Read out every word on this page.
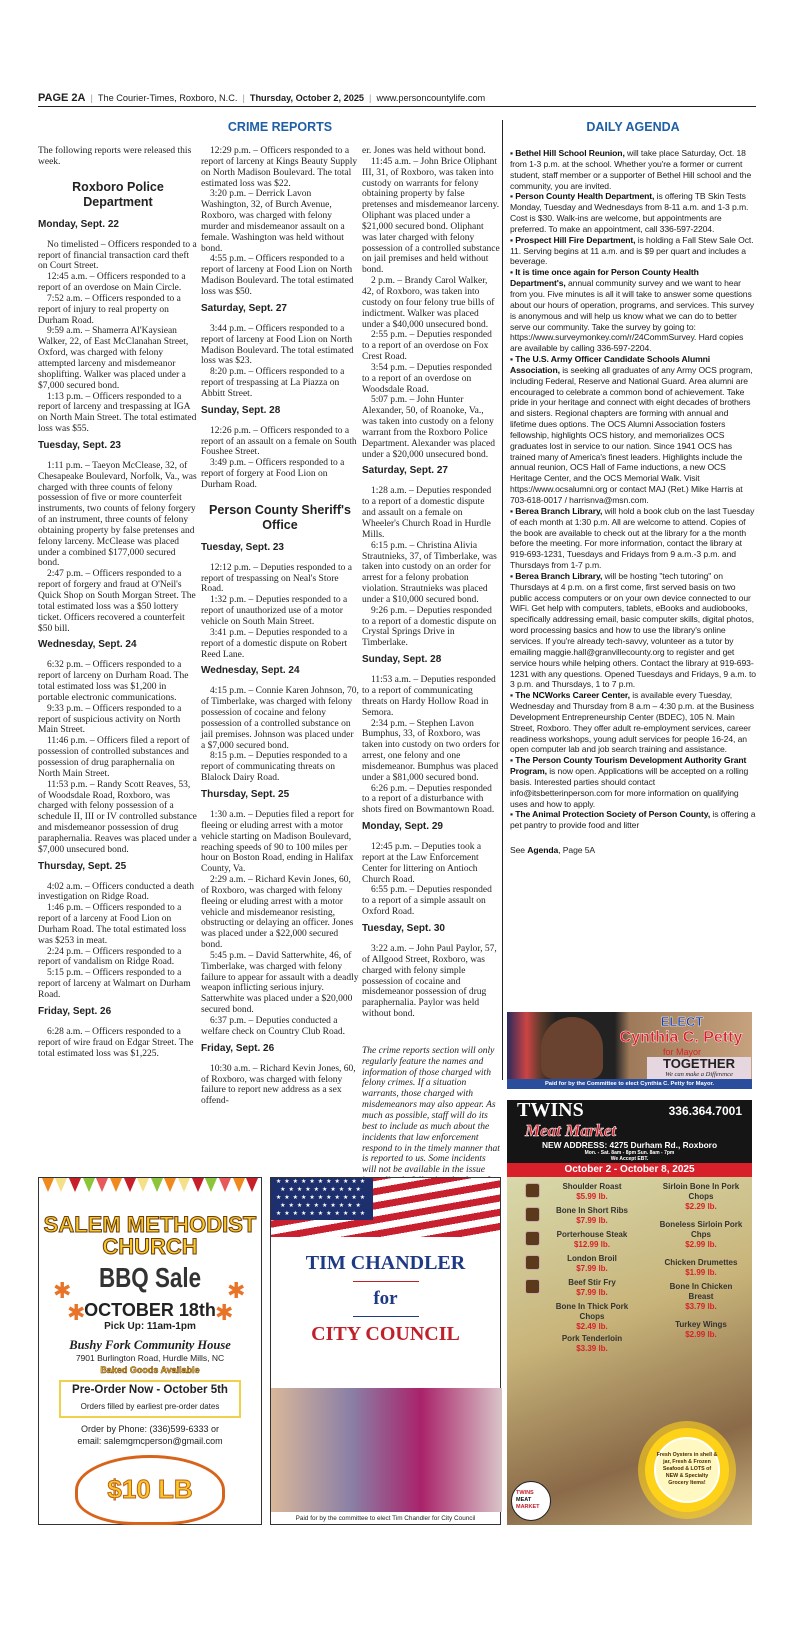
PAGE 2A | The Courier-Times, Roxboro, N.C. | Thursday, October 2, 2025 | www.personcountylife.com
CRIME REPORTS	DAILY AGENDA

The following reports were released this week.

Roxboro Police Department
Monday, Sept. 22

No timelisted – Officers responded to a report of financial transaction card theft on Court Street.

12:45 a.m. – Officers responded to a report of an overdose on Main Circle.

7:52 a.m. – Officers responded to a report of injury to real property on Durham Road.

9:59 a.m. – Shamerra Al'Kaysiean Walker, 22, of East McClanahan Street, Oxford, was charged with felony attempted larceny and misdemeanor shoplifting. Walker was placed under a $7,000 secured bond.

1:13 p.m. – Officers responded to a report of larceny and trespassing at IGA on North Main Street. The total estimated loss was $55.

Tuesday, Sept. 23

1:11 p.m. – Taeyon McClease, 32, of Chesapeake Boulevard, Norfolk, Va., was charged with three counts of felony possession of five or more counterfeit instruments, two counts of felony forgery of an instrument, three counts of felony obtaining property by false pretenses and felony larceny. McClease was placed under a combined $177,000 secured bond.

2:47 p.m. – Officers responded to a report of forgery and fraud at O'Neil's Quick Shop on South Morgan Street. The total estimated loss was a $50 lottery ticket. Officers recovered a counterfeit $50 bill.

Wednesday, Sept. 24

6:32 p.m. – Officers responded to a report of larceny on Durham Road. The total estimated loss was $1,200 in portable electronic communications.

9:33 p.m. – Officers responded to a report of suspicious activity on North Main Street.

11:46 p.m. – Officers filed a report of possession of controlled substances and possession of drug paraphernalia on North Main Street.

11:53 p.m. – Randy Scott Reaves, 53, of Woodsdale Road, Roxboro, was charged with felony possession of a schedule II, III or IV controlled substance and misdemeanor possession of drug paraphernalia. Reaves was placed under a $7,000 unsecured bond.

Thursday, Sept. 25

4:02 a.m. – Officers conducted a death investigation on Ridge Road.

1:46 p.m. – Officers responded to a report of a larceny at Food Lion on Durham Road. The total estimated loss was $253 in meat.

2:24 p.m. – Officers responded to a report of vandalism on Ridge Road.

5:15 p.m. – Officers responded to a report of larceny at Walmart on Durham Road.

Friday, Sept. 26

6:28 a.m. – Officers responded to a report of wire fraud on Edgar Street. The total estimated loss was $1,225.

12:29 p.m. – Officers responded to a report of larceny at Kings Beauty Supply on North Madison Boulevard. The total estimated loss was $22.

3:20 p.m. – Derrick Lavon Washington, 32, of Burch Avenue, Roxboro, was charged with felony murder and misdemeanor assault on a female. Washington was held without bond.

4:55 p.m. – Officers responded to a report of larceny at Food Lion on North Madison Boulevard. The total estimated loss was $50.

Saturday, Sept. 27

3:44 p.m. – Officers responded to a report of larceny at Food Lion on North Madison Boulevard. The total estimated loss was $23.

8:20 p.m. – Officers responded to a report of trespassing at La Piazza on Abbitt Street.

Sunday, Sept. 28

12:26 p.m. – Officers responded to a report of an assault on a female on South Foushee Street.

3:49 p.m. – Officers responded to a report of forgery at Food Lion on Durham Road.

Person County Sheriff's Office
Tuesday, Sept. 23

12:12 p.m. – Deputies responded to a report of trespassing on Neal's Store Road.

1:32 p.m. – Deputies responded to a report of unauthorized use of a motor vehicle on South Main Street.

3:41 p.m. – Deputies responded to a report of a domestic dispute on Robert Reed Lane.

Wednesday, Sept. 24

4:15 p.m. – Connie Karen Johnson, 70, of Timberlake, was charged with felony possession of cocaine and felony possession of a controlled substance on jail premises. Johnson was placed under a $7,000 secured bond.

8:15 p.m. – Deputies responded to a report of communicating threats on Blalock Dairy Road.

Thursday, Sept. 25

1:30 a.m. – Deputies filed a report for fleeing or eluding arrest with a motor vehicle starting on Madison Boulevard, reaching speeds of 90 to 100 miles per hour on Boston Road, ending in Halifax County, Va.

2:29 a.m. – Richard Kevin Jones, 60, of Roxboro, was charged with felony fleeing or eluding arrest with a motor vehicle and misdemeanor resisting, obstructing or delaying an officer. Jones was placed under a $22,000 secured bond.

5:45 p.m. – David Satterwhite, 46, of Timberlake, was charged with felony failure to appear for assault with a deadly weapon inflicting serious injury. Satterwhite was placed under a $20,000 secured bond.

6:37 p.m. – Deputies conducted a welfare check on Country Club Road.

Friday, Sept. 26

10:30 a.m. – Richard Kevin Jones, 60, of Roxboro, was charged with felony failure to report new address as a sex offend-

er. Jones was held without bond.

11:45 a.m. – John Brice Oliphant III, 31, of Roxboro, was taken into custody on warrants for felony obtaining property by false pretenses and misdemeanor larceny. Oliphant was placed under a $21,000 secured bond. Oliphant was later charged with felony possession of a controlled substance on jail premises and held without bond.

2 p.m. – Brandy Carol Walker, 42, of Roxboro, was taken into custody on four felony true bills of indictment. Walker was placed under a $40,000 unsecured bond.

2:55 p.m. – Deputies responded to a report of an overdose on Fox Crest Road.

3:54 p.m. – Deputies responded to a report of an overdose on Woodsdale Road.

5:07 p.m. – John Hunter Alexander, 50, of Roanoke, Va., was taken into custody on a felony warrant from the Roxboro Police Department. Alexander was placed under a $20,000 unsecured bond.

Saturday, Sept. 27

1:28 a.m. – Deputies responded to a report of a domestic dispute and assault on a female on Wheeler's Church Road in Hurdle Mills.

6:15 p.m. – Christina Alivia Strautnieks, 37, of Timberlake, was taken into custody on an order for arrest for a felony probation violation. Strautnieks was placed under a $10,000 secured bond.

9:26 p.m. – Deputies responded to a report of a domestic dispute on Crystal Springs Drive in Timberlake.

Sunday, Sept. 28

11:53 a.m. – Deputies responded to a report of communicating threats on Hardy Hollow Road in Semora.

2:34 p.m. – Stephen Lavon Bumphus, 33, of Roxboro, was taken into custody on two orders for arrest, one felony and one misdemeanor. Bumphus was placed under a $81,000 secured bond.

6:26 p.m. – Deputies responded to a report of a disturbance with shots fired on Bowmantown Road.

Monday, Sept. 29

12:45 p.m. – Deputies took a report at the Law Enforcement Center for littering on Antioch Church Road.

6:55 p.m. – Deputies responded to a report of a simple assault on Oxford Road.

Tuesday, Sept. 30

3:22 a.m. – John Paul Paylor, 57, of Allgood Street, Roxboro, was charged with felony simple possession of cocaine and misdemeanor possession of drug paraphernalia. Paylor was held without bond.

The crime reports section will only regularly feature the names and information of those charged with felony crimes. If a situation warrants, those charged with misdemeanors may also appear. As much as possible, staff will do its best to include as much about the incidents that law enforcement respond to in the timely manner that is reported to us. Some incidents will not be available in the issue

▪ Bethel Hill School Reunion, will take place Saturday, Oct. 18 from 1-3 p.m. at the school. Whether you're a former or current student, staff member or a supporter of Bethel Hill school and the community, you are invited.

▪ Person County Health Department, is offering TB Skin Tests Monday, Tuesday and Wednesdays from 8-11 a.m. and 1-3 p.m. Cost is $30. Walk-ins are welcome, but appointments are preferred. To make an appointment, call 336-597-2204.

▪ Prospect Hill Fire Department, is holding a Fall Stew Sale Oct. 11. Serving begins at 11 a.m. and is $9 per quart and includes a beverage.

▪ It is time once again for Person County Health Department's, annual community survey and we want to hear from you. Five minutes is all it will take to answer some questions about our hours of operation, programs, and services. This survey is anonymous and will help us know what we can do to better serve our community. Take the survey by going to: https://www.surveymonkey.com/r/24CommSurvey. Hard copies are available by calling 336-597-2204.

▪ The U.S. Army Officer Candidate Schools Alumni Association, is seeking all graduates of any Army OCS program, including Federal, Reserve and National Guard. Area alumni are encouraged to celebrate a common bond of achievement. Take pride in your heritage and connect with eight decades of brothers and sisters. Regional chapters are forming with annual and lifetime dues options. The OCS Alumni Association fosters fellowship, highlights OCS history, and memorializes OCS graduates lost in service to our nation. Since 1941 OCS has trained many of America's finest leaders. Highlights include the annual reunion, OCS Hall of Fame inductions, a new OCS Heritage Center, and the OCS Memorial Walk. Visit https://www.ocsalumni.org or contact MAJ (Ret.) Mike Harris at 703-618-0017 / harrisnva@msn.com.

▪ Berea Branch Library, will hold a book club on the last Tuesday of each month at 1:30 p.m. All are welcome to attend. Copies of the book are available to check out at the library for a the month before the meeting. For more information, contact the library at 919-693-1231, Tuesdays and Fridays from 9 a.m.-3 p.m. and Thursdays from 1-7 p.m.

▪ Berea Branch Library, will be hosting "tech tutoring" on Thursdays at 4 p.m. on a first come, first served basis on two public access computers or on your own device connected to our WiFi. Get help with computers, tablets, eBooks and audiobooks, specifically addressing email, basic computer skills, digital photos, word processing basics and how to use the library's online services. If you're already tech-savvy, volunteer as a tutor by emailing maggie.hall@granvillecounty.org to register and get service hours while helping others. Contact the library at 919-693-1231 with any questions. Opened Tuesdays and Fridays, 9 a.m. to 3 p.m. and Thursdays, 1 to 7 p.m.

▪ The NCWorks Career Center, is available every Tuesday, Wednesday and Thursday from 8 a.m – 4:30 p.m. at the Business Development Entrepreneurship Center (BDEC), 105 N. Main Street, Roxboro. They offer adult re-employment services, career readiness workshops, young adult services for people 16-24, an open computer lab and job search training and assistance.

▪ The Person County Tourism Development Authority Grant Program, is now open. Applications will be accepted on a rolling basis. Interested parties should contact info@itsbetterinperson.com for more information on qualifying uses and how to apply.

▪ The Animal Protection Society of Person County, is offering a pet pantry to provide food and litter

See Agenda, Page 5A

ELECT
Cynthia C. Petty
for Mayor
TOGETHER
We can make a Difference
Paid for by the Committee to elect Cynthia C. Petty for Mayor.
✱	✱
✱	✱
SALEM METHODIST
CHURCH
BBQ Sale
OCTOBER 18th
Pick Up: 11am-1pm
Bushy Fork Community House
7901 Burlington Road, Hurdle Mills, NC
Baked Goods Available
Pre-Order Now - October 5th
Orders filled by earliest pre-order dates
Order by Phone: (336)599-6333 or
email: salemgmcperson@gmail.com
$10 LB
★★★★★★★★★★★ ★★★★★★★★★★ ★★★★★★★★★★★ ★★★★★★★★★★ ★★★★★★★★★★★
TIM CHANDLER
for
CITY COUNCIL
Paid for by the committee to elect Tim Chandler for City Council
TWINS	336.364.7001
Meat Market
NEW ADDRESS: 4275 Durham Rd., Roxboro
Mon. - Sat. 8am - 8pm Sun. 8am - 7pm
We Accept EBT.
October 2 - October 8, 2025
Shoulder Roast
$5.99 lb.
Bone In Short Ribs
$7.99 lb.
Porterhouse Steak
$12.99 lb.
London Broil
$7.99 lb.
Beef Stir Fry
$7.99 lb.
Bone In Thick Pork Chops
$2.49 lb.
Pork Tenderloin
$3.39 lb.
Sirloin Bone In Pork Chops
$2.29 lb.
Boneless Sirloin Pork Chps
$2.99 lb.
Chicken Drumettes
$1.99 lb.
Bone In Chicken Breast
$3.79 lb.
Turkey Wings
$2.99 lb.
Fresh Oysters in shell & jar, Fresh & Frozen Seafood & LOTS of NEW & Specialty Grocery Items!
TWINS
MEAT
MARKET
